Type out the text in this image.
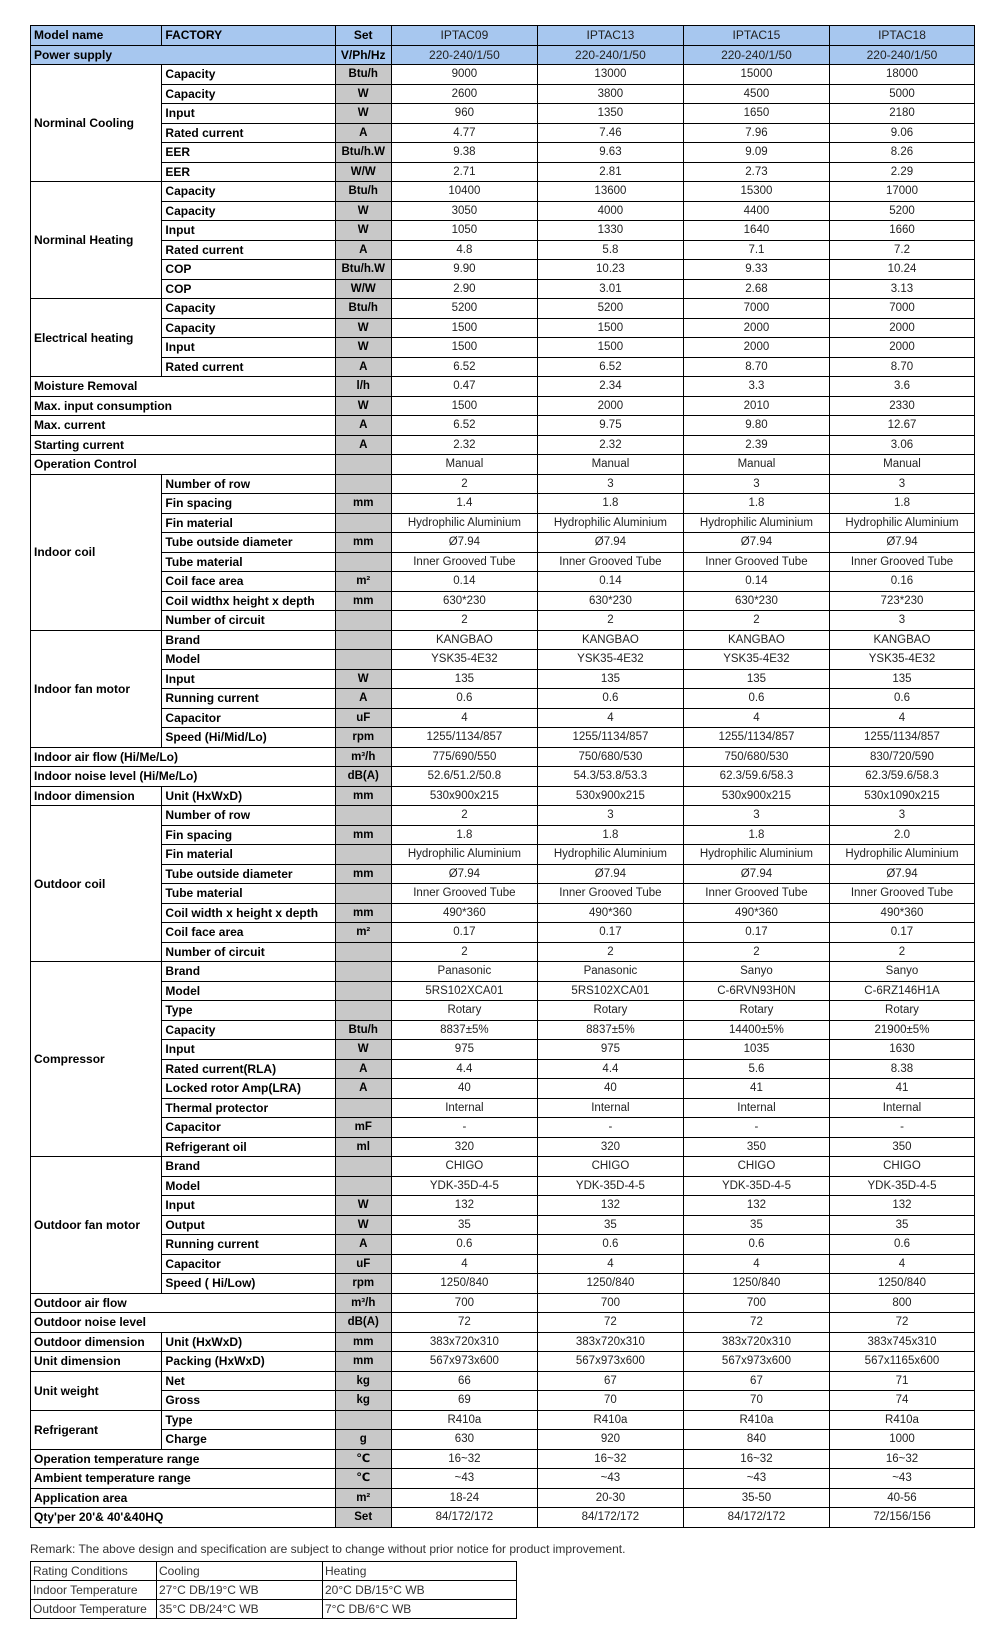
Model name	FACTORY	Set	IPTAC09	IPTAC13	IPTAC15	IPTAC18
Power supply		V/Ph/Hz	220-240/1/50	220-240/1/50	220-240/1/50	220-240/1/50
Norminal Cooling	Capacity	Btu/h	9000	13000	15000	18000
	Capacity	W	2600	3800	4500	5000
	Input	W	960	1350	1650	2180
	Rated current	A	4.77	7.46	7.96	9.06
	EER	Btu/h.W	9.38	9.63	9.09	8.26
	EER	W/W	2.71	2.81	2.73	2.29
Norminal Heating	Capacity	Btu/h	10400	13600	15300	17000
	Capacity	W	3050	4000	4400	5200
	Input	W	1050	1330	1640	1660
	Rated current	A	4.8	5.8	7.1	7.2
	COP	Btu/h.W	9.90	10.23	9.33	10.24
	COP	W/W	2.90	3.01	2.68	3.13
Electrical heating	Capacity	Btu/h	5200	5200	7000	7000
	Capacity	W	1500	1500	2000	2000
	Input	W	1500	1500	2000	2000
	Rated current	A	6.52	6.52	8.70	8.70
Moisture Removal		l/h	0.47	2.34	3.3	3.6
Max. input consumption		W	1500	2000	2010	2330
Max. current		A	6.52	9.75	9.80	12.67
Starting current		A	2.32	2.32	2.39	3.06
Operation Control			Manual	Manual	Manual	Manual
Indoor coil	Number of row		2	3	3	3
	Fin spacing	mm	1.4	1.8	1.8	1.8
	Fin material		Hydrophilic Aluminium	Hydrophilic Aluminium	Hydrophilic Aluminium	Hydrophilic Aluminium
	Tube outside diameter	mm	Ø7.94	Ø7.94	Ø7.94	Ø7.94
	Tube material		Inner Grooved Tube	Inner Grooved Tube	Inner Grooved Tube	Inner Grooved Tube
	Coil face area	m²	0.14	0.14	0.14	0.16
	Coil widthx height x depth	mm	630*230	630*230	630*230	723*230
	Number of circuit		2	2	2	3
Indoor fan motor	Brand		KANGBAO	KANGBAO	KANGBAO	KANGBAO
	Model		YSK35-4E32	YSK35-4E32	YSK35-4E32	YSK35-4E32
	Input	W	135	135	135	135
	Running current	A	0.6	0.6	0.6	0.6
	Capacitor	uF	4	4	4	4
	Speed (Hi/Mid/Lo)	rpm	1255/1134/857	1255/1134/857	1255/1134/857	1255/1134/857
Indoor air flow (Hi/Me/Lo)		m³/h	775/690/550	750/680/530	750/680/530	830/720/590
Indoor noise level (Hi/Me/Lo)		dB(A)	52.6/51.2/50.8	54.3/53.8/53.3	62.3/59.6/58.3	62.3/59.6/58.3
Indoor dimension	Unit (HxWxD)	mm	530x900x215	530x900x215	530x900x215	530x1090x215
Outdoor coil	Number of row		2	3	3	3
	Fin spacing	mm	1.8	1.8	1.8	2.0
	Fin material		Hydrophilic Aluminium	Hydrophilic Aluminium	Hydrophilic Aluminium	Hydrophilic Aluminium
	Tube outside diameter	mm	Ø7.94	Ø7.94	Ø7.94	Ø7.94
	Tube material		Inner Grooved Tube	Inner Grooved Tube	Inner Grooved Tube	Inner Grooved Tube
	Coil width x height x depth	mm	490*360	490*360	490*360	490*360
	Coil face area	m²	0.17	0.17	0.17	0.17
	Number of circuit		2	2	2	2
Compressor	Brand		Panasonic	Panasonic	Sanyo	Sanyo
	Model		5RS102XCA01	5RS102XCA01	C-6RVN93H0N	C-6RZ146H1A
	Type		Rotary	Rotary	Rotary	Rotary
	Capacity	Btu/h	8837±5%	8837±5%	14400±5%	21900±5%
	Input	W	975	975	1035	1630
	Rated current(RLA)	A	4.4	4.4	5.6	8.38
	Locked rotor Amp(LRA)	A	40	40	41	41
	Thermal protector		Internal	Internal	Internal	Internal
	Capacitor	mF	-	-	-	-
	Refrigerant oil	ml	320	320	350	350
Outdoor fan motor	Brand		CHIGO	CHIGO	CHIGO	CHIGO
	Model		YDK-35D-4-5	YDK-35D-4-5	YDK-35D-4-5	YDK-35D-4-5
	Input	W	132	132	132	132
	Output	W	35	35	35	35
	Running current	A	0.6	0.6	0.6	0.6
	Capacitor	uF	4	4	4	4
	Speed ( Hi/Low)	rpm	1250/840	1250/840	1250/840	1250/840
Outdoor air flow		m³/h	700	700	700	800
Outdoor noise level		dB(A)	72	72	72	72
Outdoor dimension	Unit (HxWxD)	mm	383x720x310	383x720x310	383x720x310	383x745x310
Unit dimension	Packing (HxWxD)	mm	567x973x600	567x973x600	567x973x600	567x1165x600
Unit weight	Net	kg	66	67	67	71
	Gross	kg	69	70	70	74
Refrigerant	Type		R410a	R410a	R410a	R410a
	Charge	g	630	920	840	1000
Operation temperature range		℃	16~32	16~32	16~32	16~32
Ambient temperature range		℃	~43	~43	~43	~43
Application area		m²	18-24	20-30	35-50	40-56
Qty'per 20'& 40'&40HQ		Set	84/172/172	84/172/172	84/172/172	72/156/156
Remark: The above design and specification are subject to change without prior notice for product improvement.
Rating Conditions	Cooling	Heating
Indoor Temperature	27°C DB/19°C WB	20°C DB/15°C WB
Outdoor Temperature	35°C DB/24°C WB	7°C DB/6°C WB
